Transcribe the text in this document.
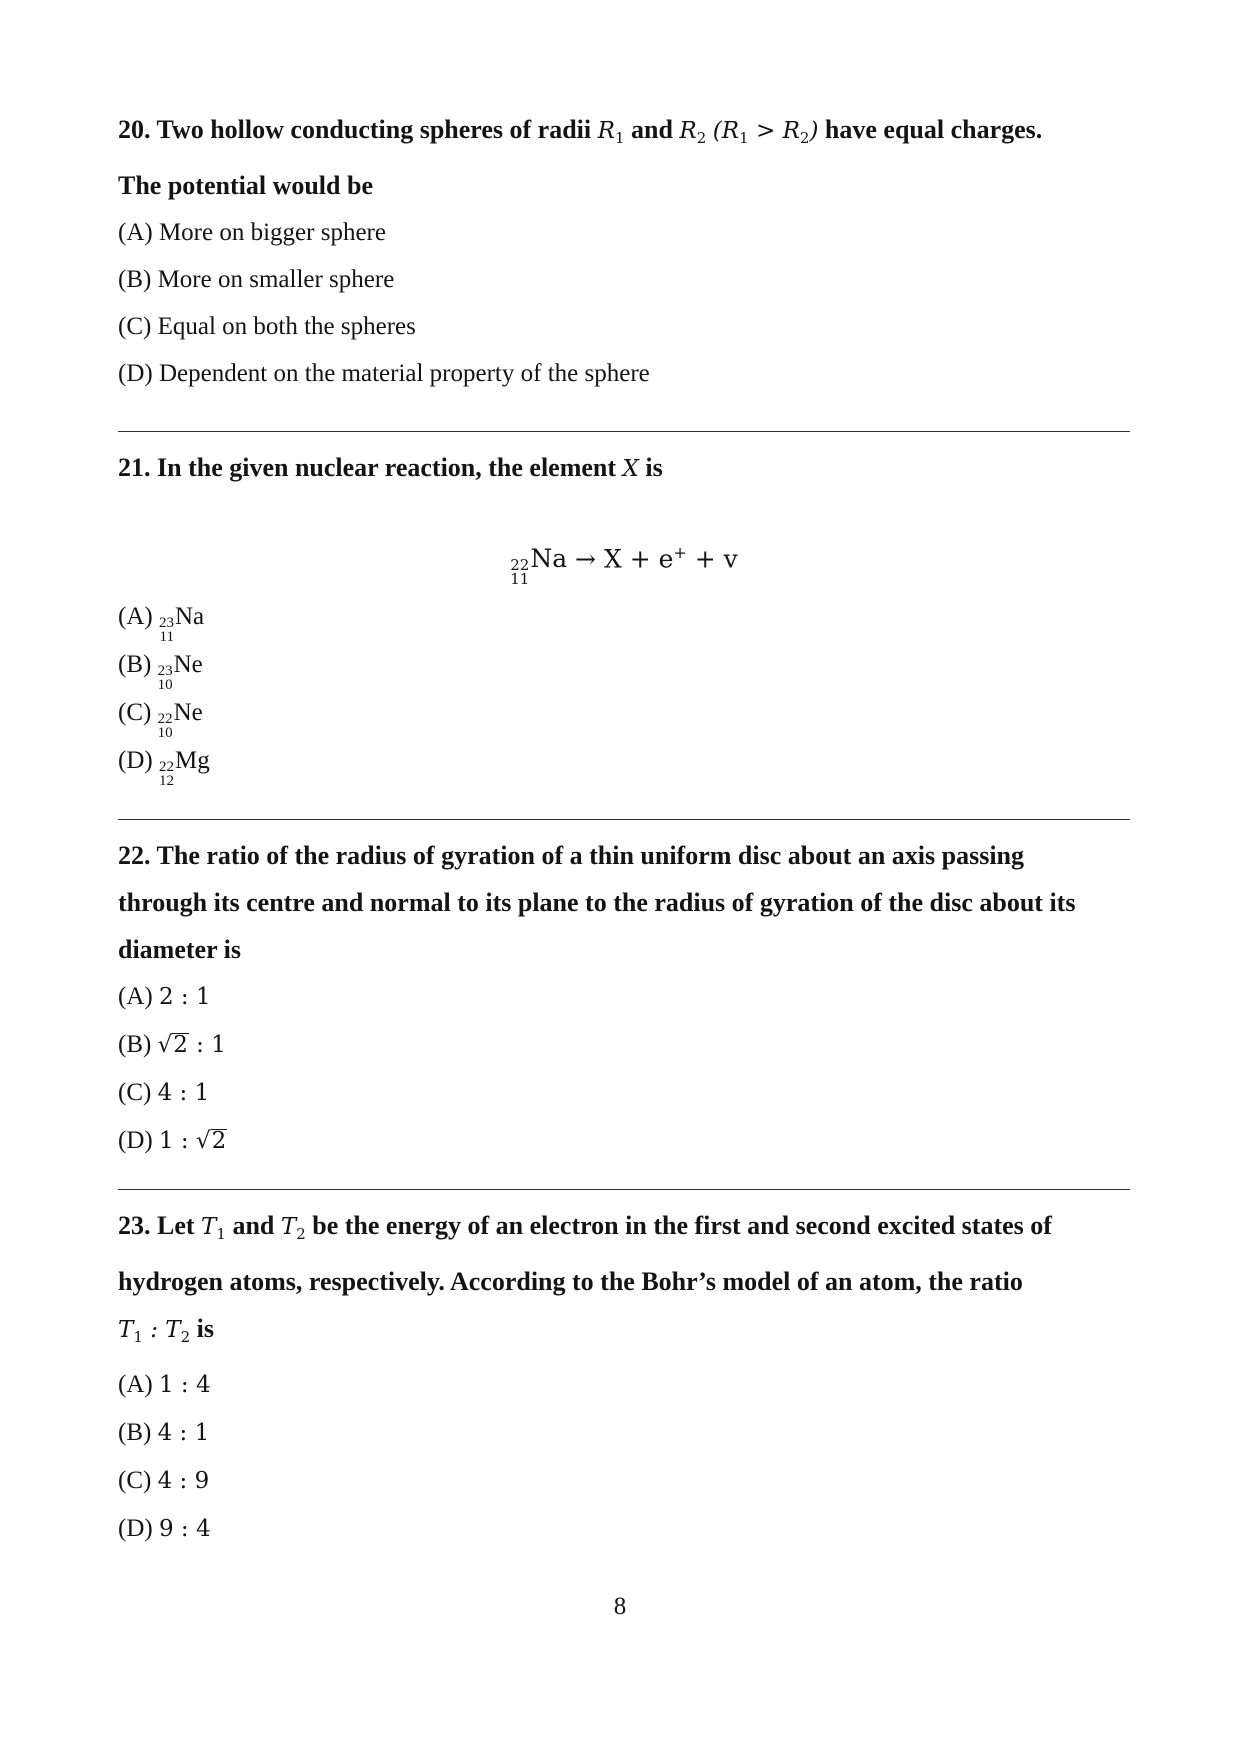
20. Two hollow conducting spheres of radii $R_1$ and $R_2$ $(R_1 > R_2)$ have equal charges.

The potential would be

(A) More on bigger sphere

(B) More on smaller sphere

(C) Equal on both the spheres

(D) Dependent on the material property of the sphere

21. In the given nuclear reaction, the element X is

22
11
Na → X + e+ + v

(A) 23
11
Na

(B) 23
10
Ne

(C) 22
10
Ne

(D) 22
12
Mg

22. The ratio of the radius of gyration of a thin uniform disc about an axis passing

through its centre and normal to its plane to the radius of gyration of the disc about its

diameter is

(A) 2 : 1

(B) √2 : 1

(C) 4 : 1

(D) 1 : √2

23. Let $T_1$ and $T_2$ be the energy of an electron in the first and second excited states of

hydrogen atoms, respectively. According to the Bohr’s model of an atom, the ratio

$T_1$ : $T_2$ is

(A) 1 : 4

(B) 4 : 1

(C) 4 : 9

(D) 9 : 4

8
